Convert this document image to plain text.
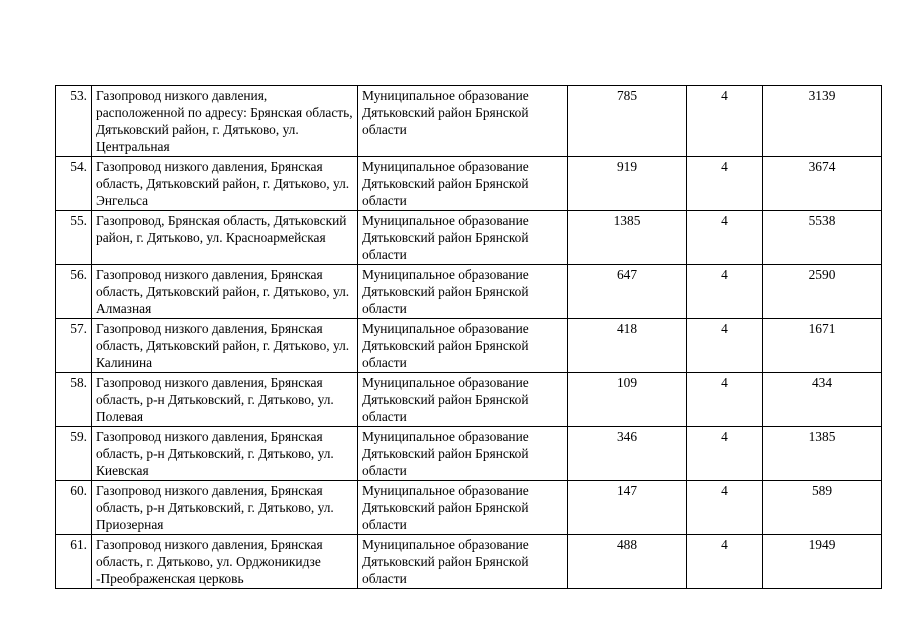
53.	Газопровод низкого давления, расположенной по адресу: Брянская область, Дятьковский район, г. Дятьково, ул. Центральная	Муниципальное образование Дятьковский район Брянской области	785	4	3139
54.	Газопровод низкого давления, Брянская область, Дятьковский район, г. Дятьково, ул. Энгельса	Муниципальное образование Дятьковский район Брянской области	919	4	3674
55.	Газопровод, Брянская область, Дятьковский район, г. Дятьково, ул. Красноармейская	Муниципальное образование Дятьковский район Брянской области	1385	4	5538
56.	Газопровод низкого давления, Брянская область, Дятьковский район, г. Дятьково, ул. Алмазная	Муниципальное образование Дятьковский район Брянской области	647	4	2590
57.	Газопровод низкого давления, Брянская область, Дятьковский район, г. Дятьково, ул. Калинина	Муниципальное образование Дятьковский район Брянской области	418	4	1671
58.	Газопровод низкого давления, Брянская область, р-н Дятьковский, г. Дятьково, ул. Полевая	Муниципальное образование Дятьковский район Брянской области	109	4	434
59.	Газопровод низкого давления, Брянская область, р-н Дятьковский, г. Дятьково, ул. Киевская	Муниципальное образование Дятьковский район Брянской области	346	4	1385
60.	Газопровод низкого давления, Брянская область, р-н Дятьковский, г. Дятьково, ул. Приозерная	Муниципальное образование Дятьковский район Брянской области	147	4	589
61.	Газопровод низкого давления, Брянская область, г. Дятьково, ул. Орджоникидзе -Преображенская церковь	Муниципальное образование Дятьковский район Брянской области	488	4	1949
